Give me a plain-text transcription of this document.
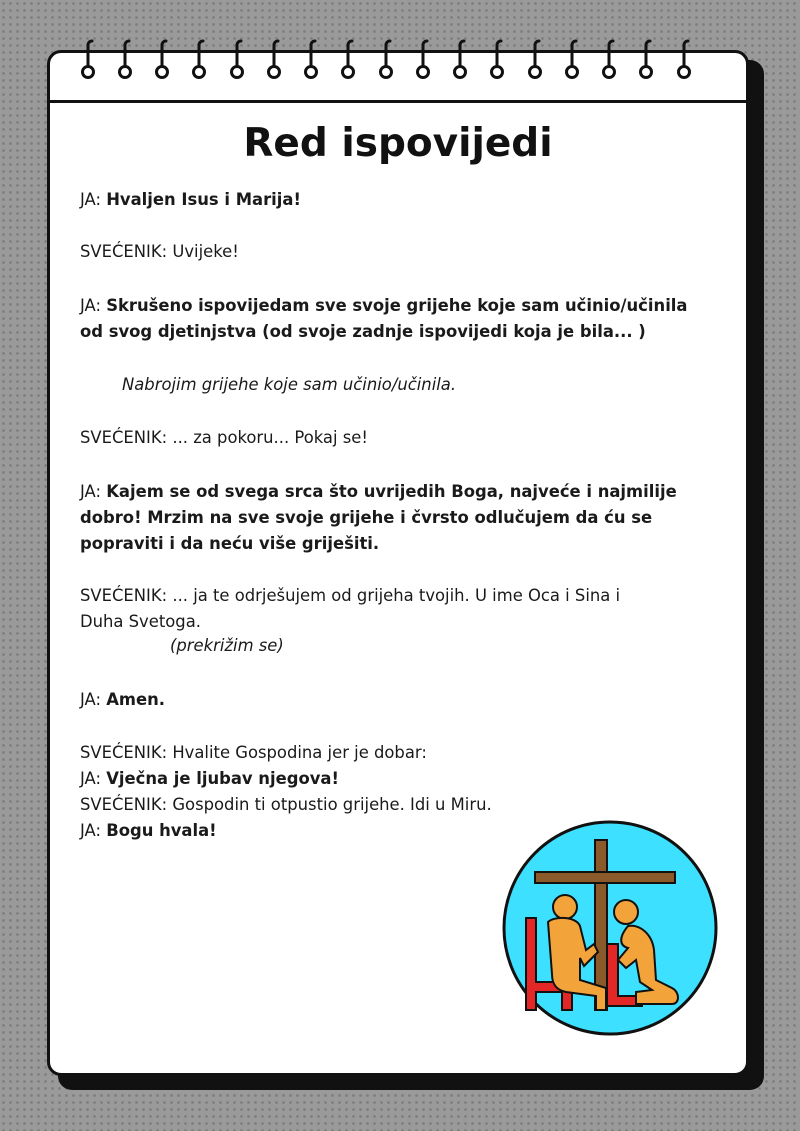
Red ispovijedi
JA: Hvaljen Isus i Marija!
SVEĆENIK: Uvijeke!
JA: Skrušeno ispovijedam sve svoje grijehe koje sam učinio/učinila
od svog djetinjstva (od svoje zadnje ispovijedi koja je bila... )
Nabrojim grijehe koje sam učinio/učinila.
SVEĆENIK: ... za pokoru... Pokaj se!
JA: Kajem se od svega srca što uvrijedih Boga, najveće i najmilije
dobro! Mrzim na sve svoje grijehe i čvrsto odlučujem da ću se
popraviti i da neću više griješiti.
SVEĆENIK: ... ja te odrješujem od grijeha tvojih. U ime Oca i Sina i
Duha Svetoga.
(prekrižim se)
JA: Amen.
SVEĆENIK: Hvalite Gospodina jer je dobar:
JA: Vječna je ljubav njegova!
SVEĆENIK: Gospodin ti otpustio grijehe. Idi u Miru.
JA: Bogu hvala!
